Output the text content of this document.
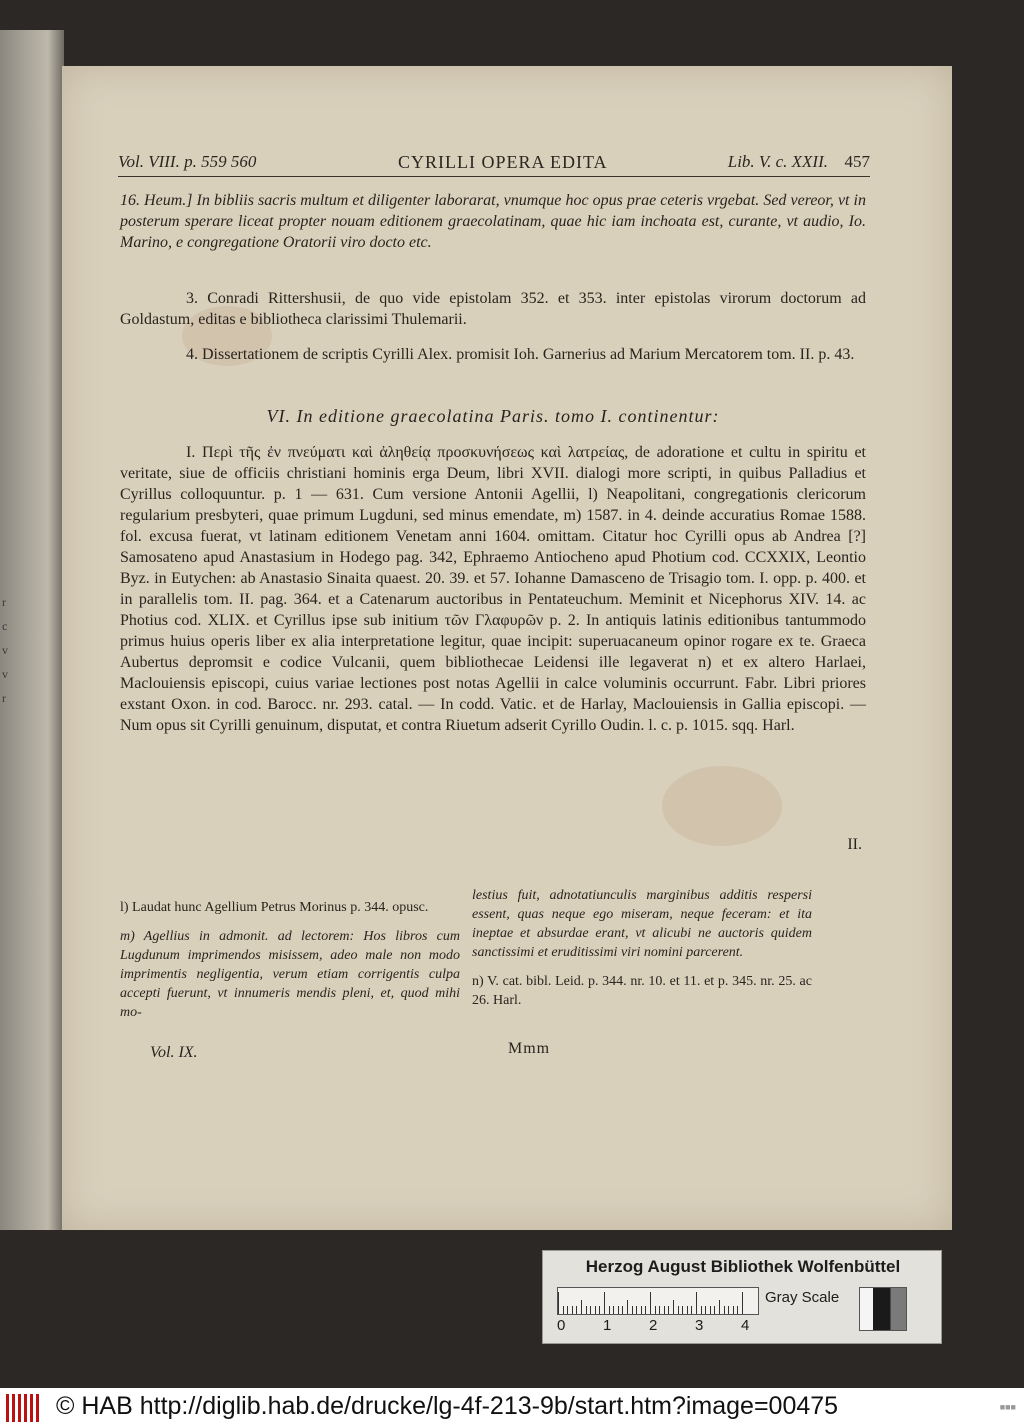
r
c
v
v
r
Vol. VIII. p. 559 560	CYRILLI OPERA EDITA	Lib. V. c. XXII. 457

16. Heum.] In bibliis sacris multum et diligenter laborarat, vnumque hoc opus prae ceteris vrgebat. Sed vereor, vt in posterum sperare liceat propter nouam editionem graecolatinam, quae hic iam inchoata est, curante, vt audio, Io. Marino, e congregatione Oratorii viro docto etc.

3. Conradi Rittershusii, de quo vide epistolam 352. et 353. inter epistolas virorum doctorum ad Goldastum, editas e bibliotheca clarissimi Thulemarii.

4. Dissertationem de scriptis Cyrilli Alex. promisit Ioh. Garnerius ad Marium Mercatorem tom. II. p. 43.

VI. In editione graecolatina Paris. tomo I. continentur:

I. Περὶ τῆς ἐν πνεύματι καὶ ἀληθείᾳ προσκυνήσεως καὶ λατρείας, de adoratione et cultu in spiritu et veritate, siue de officiis christiani hominis erga Deum, libri XVII. dialogi more scripti, in quibus Palladius et Cyrillus colloquuntur. p. 1 — 631. Cum versione Antonii Agellii, l) Neapolitani, congregationis clericorum regularium presbyteri, quae primum Lugduni, sed minus emendate, m) 1587. in 4. deinde accuratius Romae 1588. fol. excusa fuerat, vt latinam editionem Venetam anni 1604. omittam. Citatur hoc Cyrilli opus ab Andrea [?] Samosateno apud Anastasium in Hodego pag. 342, Ephraemo Antiocheno apud Photium cod. CCXXIX, Leontio Byz. in Eutychen: ab Anastasio Sinaita quaest. 20. 39. et 57. Iohanne Damasceno de Trisagio tom. I. opp. p. 400. et in parallelis tom. II. pag. 364. et a Catenarum auctoribus in Pentateuchum. Meminit et Nicephorus XIV. 14. ac Photius cod. XLIX. et Cyrillus ipse sub initium τῶν Γλαφυρῶν p. 2. In antiquis latinis editionibus tantummodo primus huius operis liber ex alia interpretatione legitur, quae incipit: superuacaneum opinor rogare ex te. Graeca Aubertus depromsit e codice Vulcanii, quem bibliothecae Leidensi ille legaverat n) et ex altero Harlaei, Maclouiensis episcopi, cuius variae lectiones post notas Agellii in calce voluminis occurrunt. Fabr. Libri priores exstant Oxon. in cod. Barocc. nr. 293. catal. — In codd. Vatic. et de Harlay, Maclouiensis in Gallia episcopi. — Num opus sit Cyrilli genuinum, disputat, et contra Riuetum adserit Cyrillo Oudin. l. c. p. 1015. sqq. Harl.

II.

l) Laudat hunc Agellium Petrus Morinus p. 344. opusc.

m) Agellius in admonit. ad lectorem: Hos libros cum Lugdunum imprimendos misissem, adeo male non modo imprimentis negligentia, verum etiam corrigentis culpa accepti fuerunt, vt innumeris mendis pleni, et, quod mihi mo-

lestius fuit, adnotatiunculis marginibus additis respersi essent, quas neque ego miseram, neque feceram: et ita ineptae et absurdae erant, vt alicubi ne auctoris quidem sanctissimi et eruditissimi viri nomini parcerent.

n) V. cat. bibl. Leid. p. 344. nr. 10. et 11. et p. 345. nr. 25. ac 26. Harl.

Vol. IX.	Mmm
Herzog August Bibliothek Wolfenbüttel
0	1	2	3	4
Gray Scale
© HAB http://diglib.hab.de/drucke/lg-4f-213-9b/start.htm?image=00475	■■■
